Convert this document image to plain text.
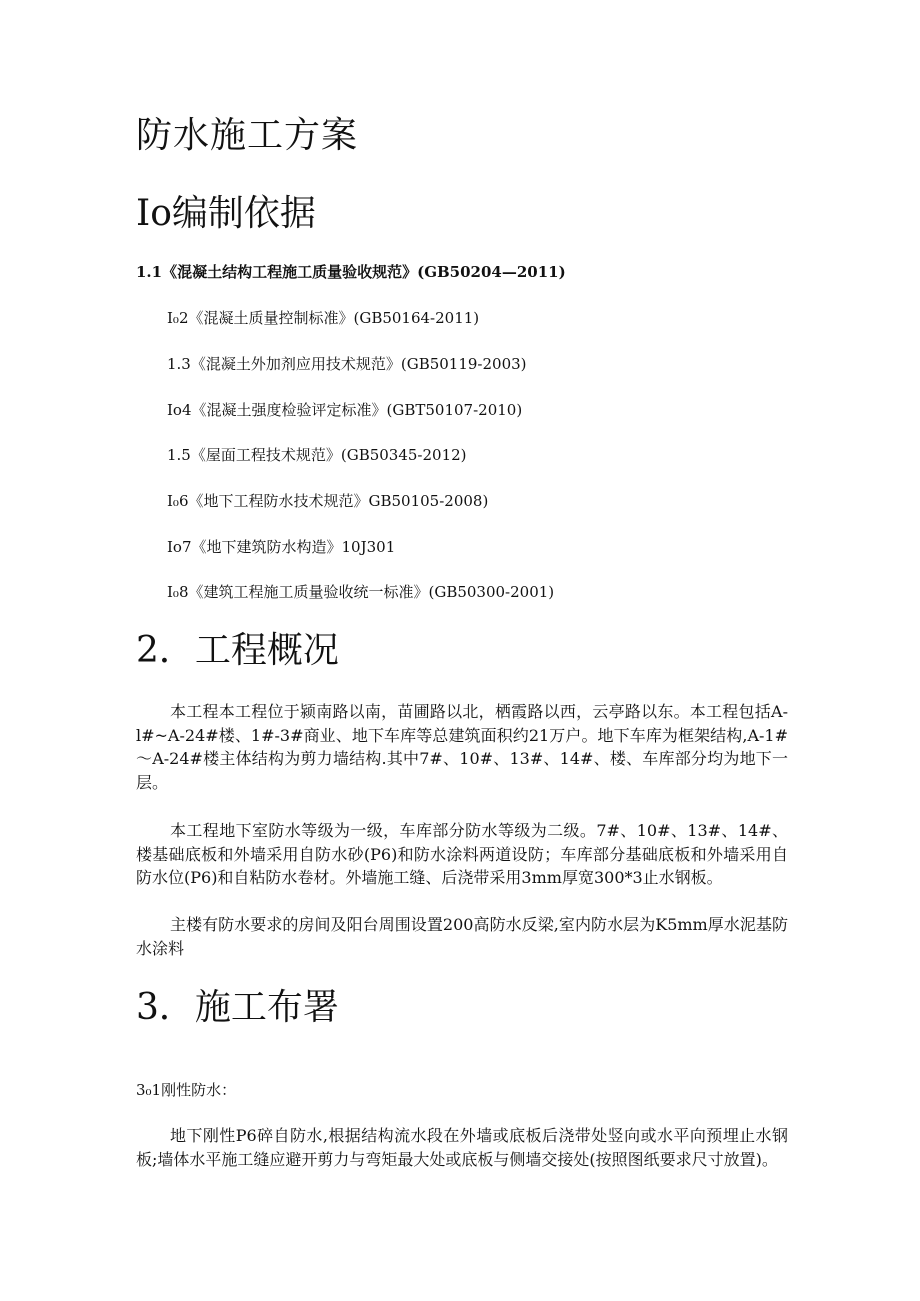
防水施工方案
Io编制依据
1.1《混凝土结构工程施工质量验收规范》(GB50204—2011)
I₀2《混凝土质量控制标准》(GB50164-2011)
1.3《混凝土外加剂应用技术规范》(GB50119-2003)
Io4《混凝土强度检验评定标准》(GBT50107-2010)
1.5《屋面工程技术规范》(GB50345-2012)
I₀6《地下工程防水技术规范》GB50105-2008)
Io7《地下建筑防水构造》10J301
I₀8《建筑工程施工质量验收统一标准》(GB50300-2001)
2．工程概况
本工程本工程位于颍南路以南，苗圃路以北，栖霞路以西，云亭路以东。本工程包括A-l#~A-24#楼、1#-3#商业、地下车库等总建筑面积约21万户。地下车库为框架结构,A-1#～A-24#楼主体结构为剪力墙结构.其中7#、10#、13#、14#、楼、车库部分均为地下一层。
本工程地下室防水等级为一级，车库部分防水等级为二级。7#、10#、13#、14#、楼基础底板和外墙采用自防水砂(P6)和防水涂料两道设防；车库部分基础底板和外墙采用自防水位(P6)和自粘防水卷材。外墙施工缝、后浇带采用3mm厚宽300*3止水钢板。
主楼有防水要求的房间及阳台周围设置200高防水反梁,室内防水层为K5mm厚水泥基防水涂料
3．施工布署
3₀1刚性防水：
地下刚性P6碎自防水,根据结构流水段在外墙或底板后浇带处竖向或水平向预埋止水钢板;墙体水平施工缝应避开剪力与弯矩最大处或底板与侧墙交接处(按照图纸要求尺寸放置)。
